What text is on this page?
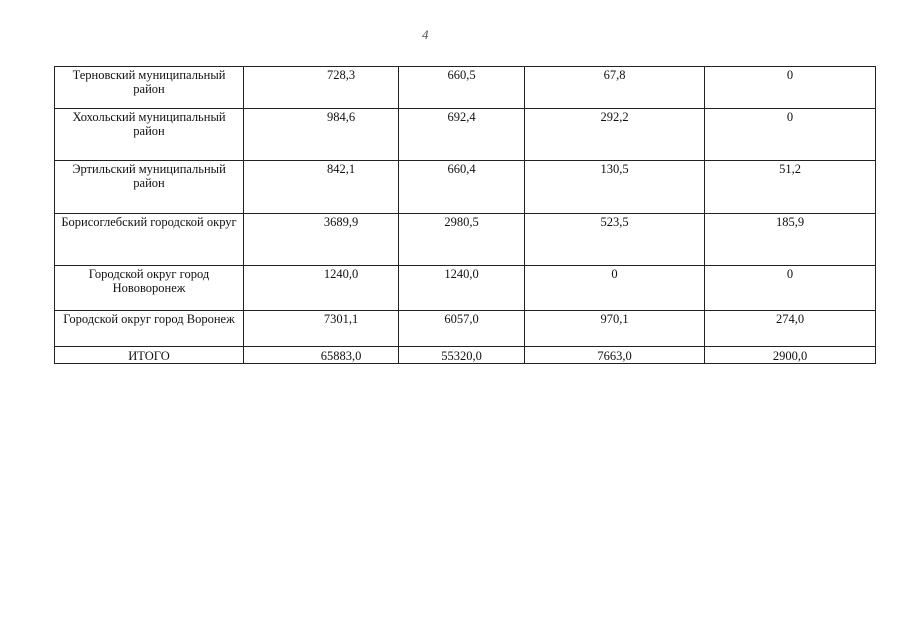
4
Терновский муниципальный район	728,3	660,5	67,8	0
Хохольский муниципальный район	984,6	692,4	292,2	0
Эртильский муниципальный район	842,1	660,4	130,5	51,2
Борисоглебский городской округ	3689,9	2980,5	523,5	185,9
Городской округ город Нововоронеж	1240,0	1240,0	0	0
Городской округ город Воронеж	7301,1	6057,0	970,1	274,0
ИТОГО	65883,0	55320,0	7663,0	2900,0
